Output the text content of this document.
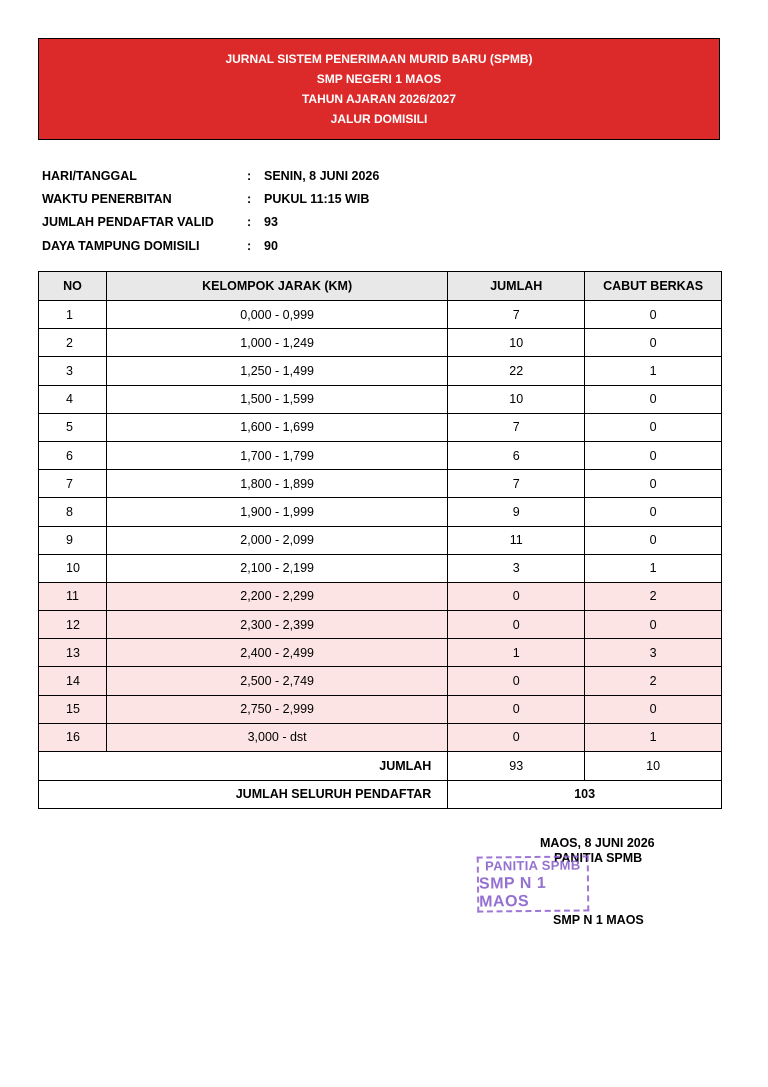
JURNAL SISTEM PENERIMAAN MURID BARU (SPMB)
SMP NEGERI 1 MAOS
TAHUN AJARAN 2026/2027
JALUR DOMISILI
HARI/TANGGAL	:	SENIN, 8 JUNI 2026
WAKTU PENERBITAN	:	PUKUL 11:15 WIB
JUMLAH PENDAFTAR VALID	:	93
DAYA TAMPUNG DOMISILI	:	90
NO	KELOMPOK JARAK (KM)	JUMLAH	CABUT BERKAS
1	0,000 - 0,999	7	0
2	1,000 - 1,249	10	0
3	1,250 - 1,499	22	1
4	1,500 - 1,599	10	0
5	1,600 - 1,699	7	0
6	1,700 - 1,799	6	0
7	1,800 - 1,899	7	0
8	1,900 - 1,999	9	0
9	2,000 - 2,099	11	0
10	2,100 - 2,199	3	1
11	2,200 - 2,299	0	2
12	2,300 - 2,399	0	0
13	2,400 - 2,499	1	3
14	2,500 - 2,749	0	2
15	2,750 - 2,999	0	0
16	3,000 - dst	0	1
JUMLAH		93	10
JUMLAH SELURUH PENDAFTAR		103	
MAOS, 8 JUNI 2026
PANITIA SPMB
PANITIA SPMB
SMP N 1 MAOS
SMP N 1 MAOS
